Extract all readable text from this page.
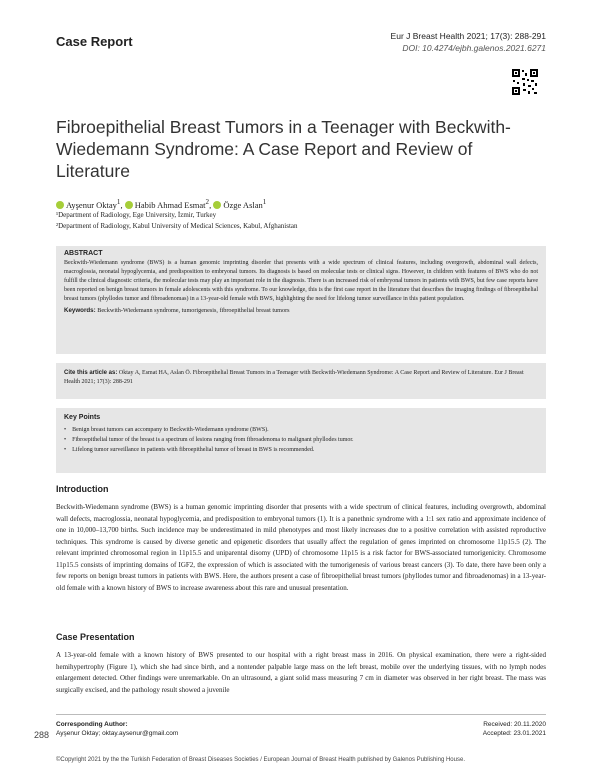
Case Report	Eur J Breast Health 2021; 17(3): 288-291
DOI: 10.4274/ejbh.galenos.2021.6271
Fibroepithelial Breast Tumors in a Teenager with Beckwith-Wiedemann Syndrome: A Case Report and Review of Literature
Ayşenur Oktay$^1$, Habib Ahmad Esmat$^2$, Özge Aslan$^1$
¹Department of Radiology, Ege University, İzmir, Turkey
²Department of Radiology, Kabul University of Medical Sciences, Kabul, Afghanistan
ABSTRACT

Beckwith-Wiedemann syndrome (BWS) is a human genomic imprinting disorder that presents with a wide spectrum of clinical features, including overgrowth, abdominal wall defects, macroglossia, neonatal hypoglycemia, and predisposition to embryonal tumors. Its diagnosis is based on molecular tests or clinical signs. However, in children with features of BWS who do not fulfill the clinical diagnostic criteria, the molecular tests may play an important role in the diagnosis. There is an increased risk of embryonal tumors in patients with BWS, but few case reports have been reported on benign breast tumors in female adolescents with this syndrome. To our knowledge, this is the first case report in the literature that describes the imaging findings of fibroepithelial breast tumors (phyllodes tumor and fibroadenomas) in a 13-year-old female with BWS, highlighting the need for lifelong tumor surveillance in this patient population.

Keywords: Beckwith-Wiedemann syndrome, tumorigenesis, fibroepithelial breast tumors
Cite this article as: Oktay A, Esmat HA, Aslan Ö. Fibroepithelial Breast Tumors in a Teenager with Beckwith-Wiedemann Syndrome: A Case Report and Review of Literature. Eur J Breast Health 2021; 17(3): 288-291
Key Points
• Benign breast tumors can accompany to Beckwith-Wiedemann syndrome (BWS).
• Fibroepithelial tumor of the breast is a spectrum of lesions ranging from fibroadenoma to malignant phyllodes tumor.
• Lifelong tumor surveillance in patients with fibroepithelial tumor of breast in BWS is recommended.
Introduction

Beckwith-Wiedemann syndrome (BWS) is a human genomic imprinting disorder that presents with a wide spectrum of clinical features, including overgrowth, abdominal wall defects, macroglossia, neonatal hypoglycemia, and predisposition to embryonal tumors (1). It is a panethnic syndrome with a 1:1 sex ratio and approximate incidence of one in 10,000–13,700 births. Such incidence may be underestimated in mild phenotypes and most likely increases due to a positive correlation with assisted reproductive techniques. This syndrome is caused by diverse genetic and epigenetic disorders that usually affect the regulation of genes imprinted on chromosome 11p15.5 (2). The relevant imprinted chromosomal region in 11p15.5 and uniparental disomy (UPD) of chromosome 11p15 is a risk factor for BWS-associated tumorigenicity. Chromosome 11p15.5 consists of imprinting domains of IGF2, the expression of which is associated with the tumorigenesis of various breast cancers (3). To date, there have been only a few reports on benign breast tumors in patients with BWS. Here, the authors present a case of fibroepithelial breast tumors (phyllodes tumor and fibroadenomas) in a 13-year-old female with a known history of BWS to increase awareness about this rare and unusual presentation.

Case Presentation

A 13-year-old female with a known history of BWS presented to our hospital with a right breast mass in 2016. On physical examination, there were a right-sided hemihypertrophy (Figure 1), which she had since birth, and a nontender palpable large mass on the left breast, mobile over the underlying tissues, with no lymph nodes enlargement detected. Other findings were unremarkable. On an ultrasound, a giant solid mass measuring 7 cm in diameter was observed in her right breast. The mass was surgically excised, and the pathology result showed a juvenile

288
Corresponding Author:
Ayşenur Oktay; oktay.aysenur@gmail.com
Received: 20.11.2020
Accepted: 23.01.2021
©Copyright 2021 by the the Turkish Federation of Breast Diseases Societies / European Journal of Breast Health published by Galenos Publishing House.
